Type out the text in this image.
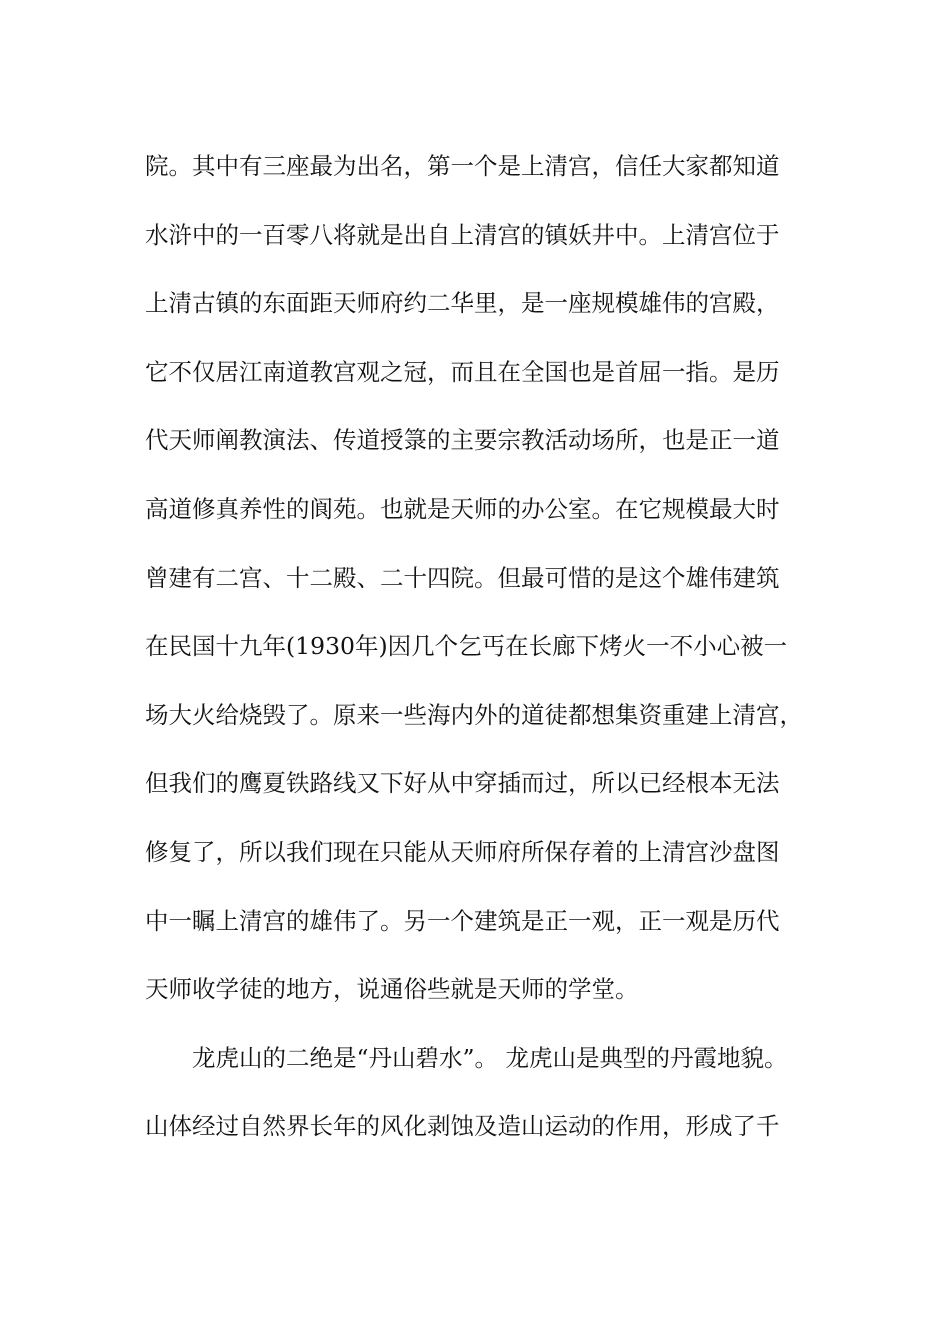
院。其中有三座最为出名，第一个是上清宫，信任大家都知道
水浒中的一百零八将就是出自上清宫的镇妖井中。上清宫位于
上清古镇的东面距天师府约二华里，是一座规模雄伟的宫殿，
它不仅居江南道教宫观之冠，而且在全国也是首屈一指。是历
代天师阐教演法、传道授箓的主要宗教活动场所，也是正一道
高道修真养性的阆苑。也就是天师的办公室。在它规模最大时
曾建有二宫、十二殿、二十四院。但最可惜的是这个雄伟建筑
在民国十九年(1930年)因几个乞丐在长廊下烤火一不小心被一
场大火给烧毁了。原来一些海内外的道徒都想集资重建上清宫，
但我们的鹰夏铁路线又下好从中穿插而过，所以已经根本无法
修复了，所以我们现在只能从天师府所保存着的上清宫沙盘图
中一瞩上清宫的雄伟了。另一个建筑是正一观，正一观是历代
天师收学徒的地方，说通俗些就是天师的学堂。
龙虎山的二绝是“丹山碧水”。 龙虎山是典型的丹霞地貌。
山体经过自然界长年的风化剥蚀及造山运动的作用，形成了千
